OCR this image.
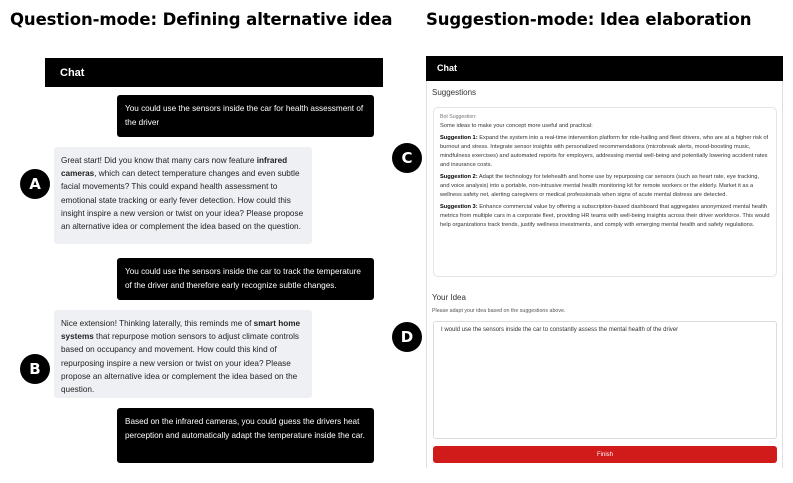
Question-mode: Defining alternative idea Suggestion-mode: Idea elaboration
Chat
You could use the sensors inside the car for health assessment of the driver
Great start! Did you know that many cars now feature infrared cameras, which can detect temperature changes and even subtle facial movements? This could expand health assessment to emotional state tracking or early fever detection. How could this insight inspire a new version or twist on your idea? Please propose an alternative idea or complement the idea based on the question.
You could use the sensors inside the car to track the temperature of the driver and therefore early recognize subtle changes.
Nice extension! Thinking laterally, this reminds me of smart home systems that repurpose motion sensors to adjust climate controls based on occupancy and movement. How could this kind of repurposing inspire a new version or twist on your idea? Please propose an alternative idea or complement the idea based on the question.
Based on the infrared cameras, you could guess the drivers heat perception and automatically adapt the temperature inside the car.
A
B
Chat
Suggestions
Bot Suggestion:

Some ideas to make your concept more useful and practical:

Suggestion 1: Expand the system into a real-time intervention platform for ride-hailing and fleet drivers, who are at a higher risk of burnout and stress. Integrate sensor insights with personalized recommendations (microbreak alerts, mood-boosting music, mindfulness exercises) and automated reports for employers, addressing mental well-being and potentially lowering accident rates and insurance costs.

Suggestion 2: Adapt the technology for telehealth and home use by repurposing car sensors (such as heart rate, eye tracking, and voice analysis) into a portable, non-intrusive mental health monitoring kit for remote workers or the elderly. Market it as a wellness safety net, alerting caregivers or medical professionals when signs of acute mental distress are detected.

Suggestion 3: Enhance commercial value by offering a subscription-based dashboard that aggregates anonymized mental health metrics from multiple cars in a corporate fleet, providing HR teams with well-being insights across their driver workforce. This would help organizations track trends, justify wellness investments, and comply with emerging mental health and safety regulations.

Your Idea
Please adapt your idea based on the suggestions above.
I would use the sensors inside the car to constantly assess the mental health of the driver
Finish
C
D
